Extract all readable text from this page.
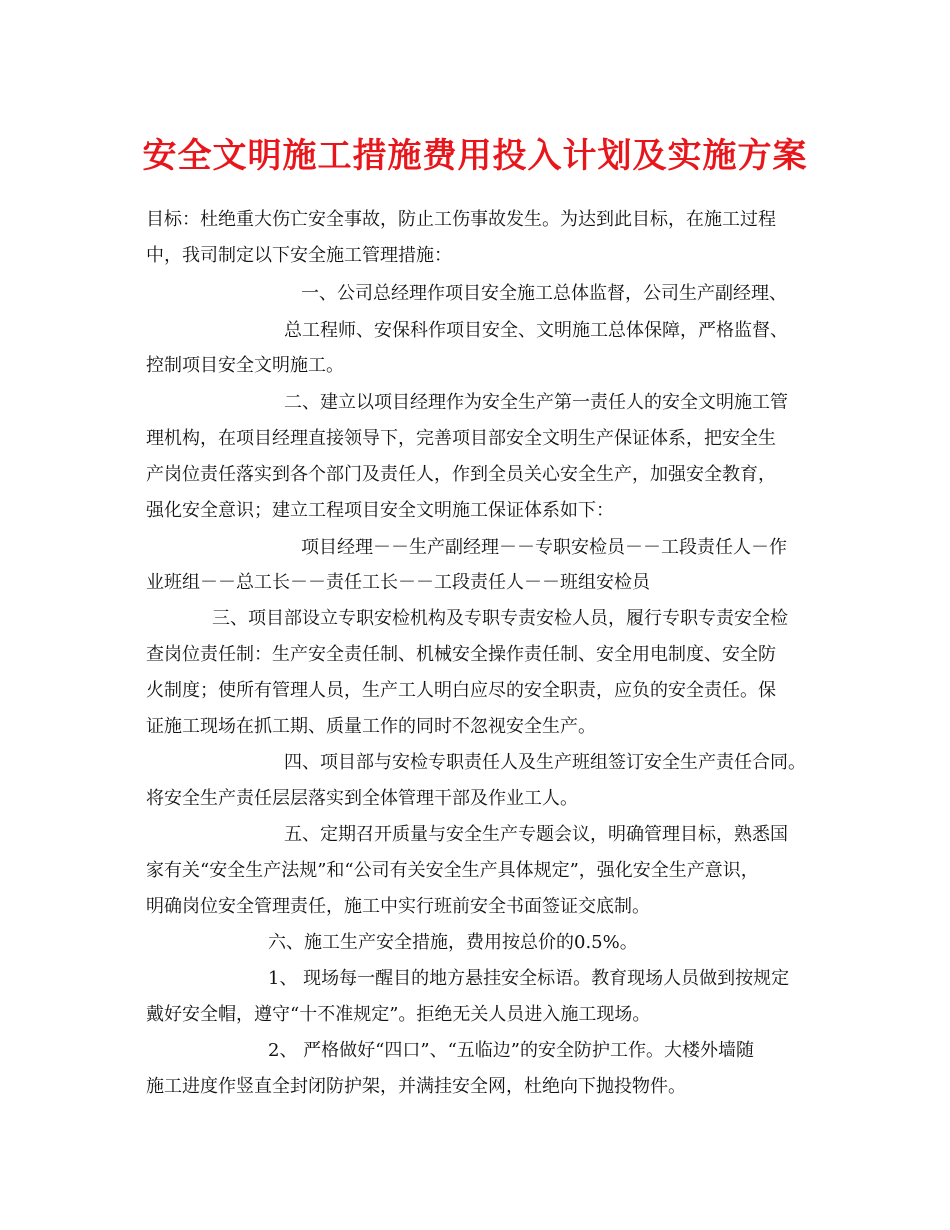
安全文明施工措施费用投入计划及实施方案
目标：杜绝重大伤亡安全事故，防止工伤事故发生。为达到此目标，在施工过程
中，我司制定以下安全施工管理措施：
一、公司总经理作项目安全施工总体监督，公司生产副经理、
总工程师、安保科作项目安全、文明施工总体保障，严格监督、
控制项目安全文明施工。
二、建立以项目经理作为安全生产第一责任人的安全文明施工管
理机构，在项目经理直接领导下，完善项目部安全文明生产保证体系，把安全生
产岗位责任落实到各个部门及责任人，作到全员关心安全生产，加强安全教育，
强化安全意识；建立工程项目安全文明施工保证体系如下：
项目经理－－生产副经理－－专职安检员－－工段责任人－作
业班组－－总工长－－责任工长－－工段责任人－－班组安检员
三、项目部设立专职安检机构及专职专责安检人员，履行专职专责安全检
查岗位责任制：生产安全责任制、机械安全操作责任制、安全用电制度、安全防
火制度；使所有管理人员，生产工人明白应尽的安全职责，应负的安全责任。保
证施工现场在抓工期、质量工作的同时不忽视安全生产。
四、项目部与安检专职责任人及生产班组签订安全生产责任合同。
将安全生产责任层层落实到全体管理干部及作业工人。
五、定期召开质量与安全生产专题会议，明确管理目标，熟悉国
家有关“安全生产法规”和“公司有关安全生产具体规定”，强化安全生产意识，
明确岗位安全管理责任，施工中实行班前安全书面签证交底制。
六、施工生产安全措施，费用按总价的0.5%。
1、 现场每一醒目的地方悬挂安全标语。教育现场人员做到按规定
戴好安全帽，遵守“十不准规定”。拒绝无关人员进入施工现场。
2、 严格做好“四口”、“五临边”的安全防护工作。大楼外墙随
施工进度作竖直全封闭防护架，并满挂安全网，杜绝向下抛投物件。
